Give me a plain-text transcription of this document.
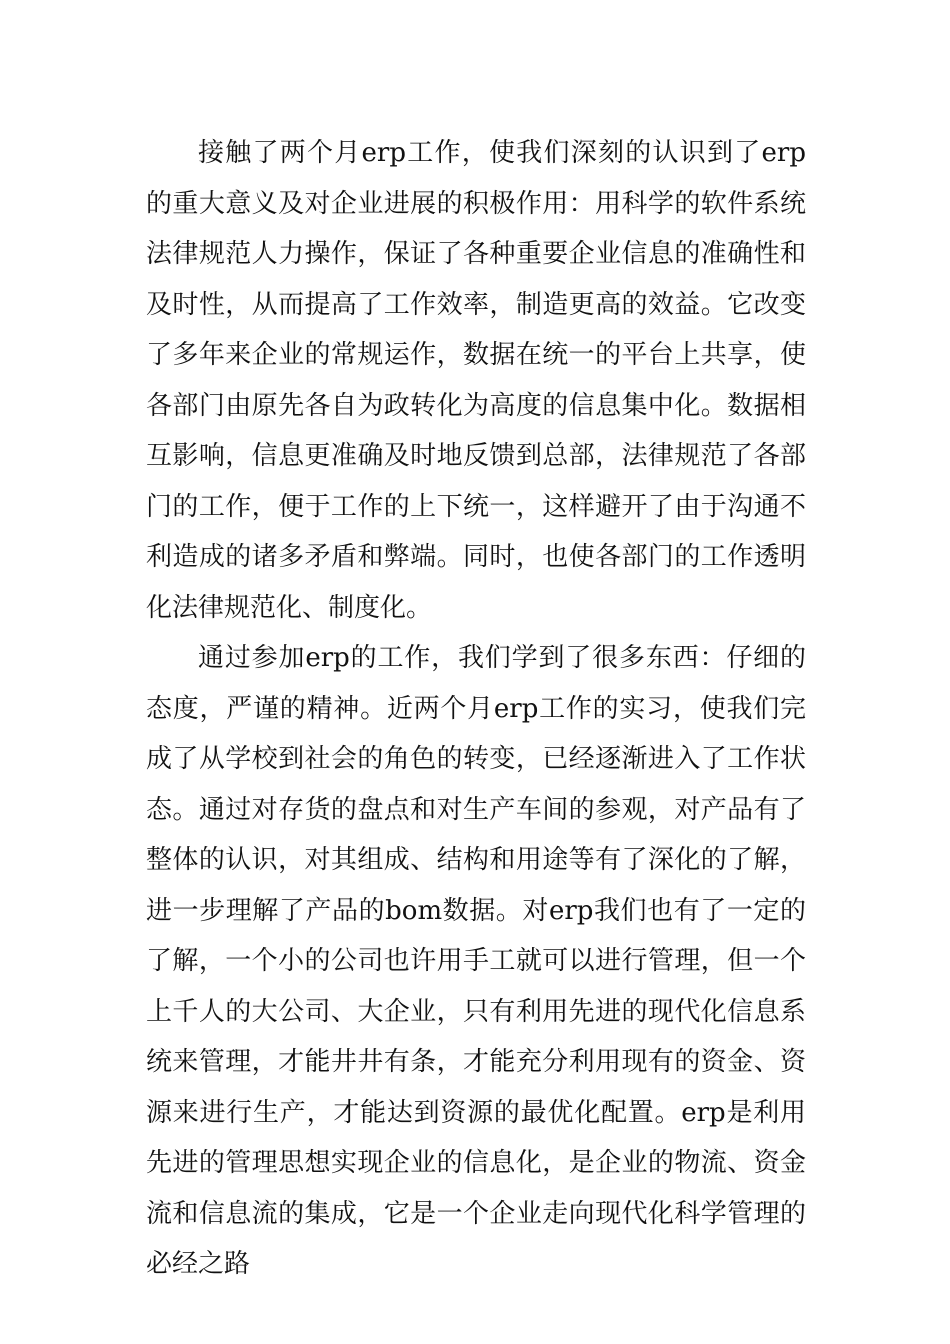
接触了两个月erp工作，使我们深刻的认识到了erp的重大意义及对企业进展的积极作用：用科学的软件系统法律规范人力操作，保证了各种重要企业信息的准确性和及时性，从而提高了工作效率，制造更高的效益。它改变了多年来企业的常规运作，数据在统一的平台上共享，使各部门由原先各自为政转化为高度的信息集中化。数据相互影响，信息更准确及时地反馈到总部，法律规范了各部门的工作，便于工作的上下统一，这样避开了由于沟通不利造成的诸多矛盾和弊端。同时，也使各部门的工作透明化法律规范化、制度化。

通过参加erp的工作，我们学到了很多东西：仔细的态度，严谨的精神。近两个月erp工作的实习，使我们完成了从学校到社会的角色的转变，已经逐渐进入了工作状态。通过对存货的盘点和对生产车间的参观，对产品有了整体的认识，对其组成、结构和用途等有了深化的了解，进一步理解了产品的bom数据。对erp我们也有了一定的了解，一个小的公司也许用手工就可以进行管理，但一个上千人的大公司、大企业，只有利用先进的现代化信息系统来管理，才能井井有条，才能充分利用现有的资金、资源来进行生产，才能达到资源的最优化配置。erp是利用先进的管理思想实现企业的信息化，是企业的物流、资金流和信息流的集成，它是一个企业走向现代化科学管理的必经之路
